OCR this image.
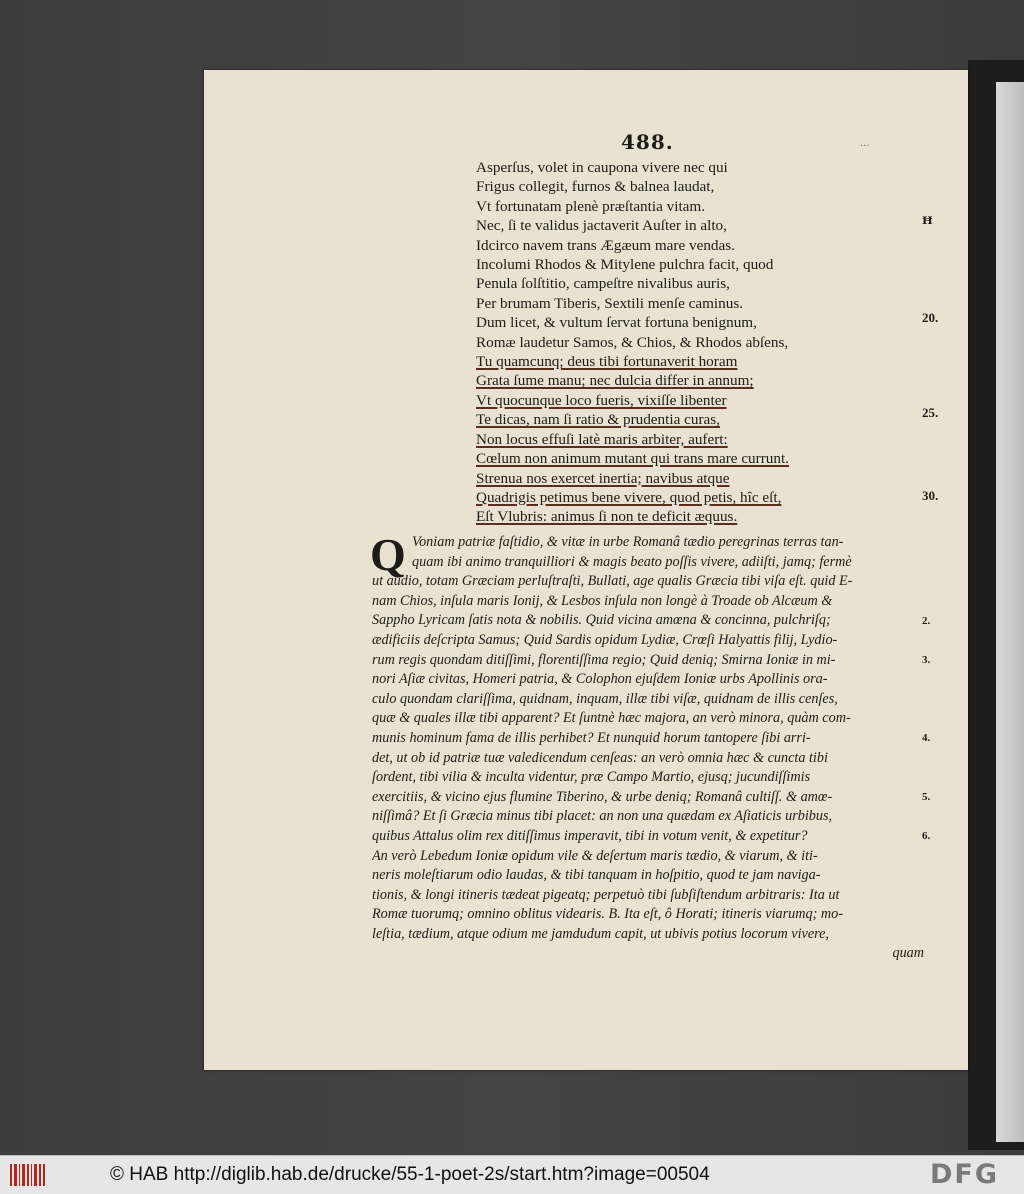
488.	...
Asperſus, volet in caupona vivere nec qui
Frigus collegit, furnos & balnea laudat,
Vt fortunatam plenè præſtantia vitam.
Nec, ſi te validus jactaverit Auſter in alto,
Idcirco navem trans Ægæum mare vendas.
Incolumi Rhodos & Mitylene pulchra facit, quod
Penula ſolſtitio, campeſtre nivalibus auris,
Per brumam Tiberis, Sextili menſe caminus.
Dum licet, & vultum ſervat fortuna benignum,
Romæ laudetur Samos, & Chios, & Rhodos abſens,
Tu quamcunq; deus tibi fortunaverit horam
Grata ſume manu; nec dulcia differ in annum;
Vt quocunque loco fueris, vixiſſe libenter
Te dicas, nam ſi ratio & prudentia curas,
Non locus effuſi latè maris arbiter, aufert:
Cœlum non animum mutant qui trans mare currunt.
Strenua nos exercet inertia; navibus atque
Quadrigis petimus bene vivere, quod petis, hîc eſt,
Eſt Vlubris: animus ſi non te deficit æquus.
20.
25.
30.
ꟸ
Q Voniam patriæ faſtidio, & vitæ in urbe Romanâ tædio peregrinas terras tan-
quam ibi animo tranquilliori & magis beato poſſis vivere, adiiſti, jamq; fermè
ut audio, totam Græciam perluſtraſti, Bullati, age qualis Græcia tibi viſa eſt. quid E-
nam Chios, inſula maris Ionij, & Lesbos inſula non longè à Troade ob Alcæum &
Sappho Lyricam ſatis nota & nobilis. Quid vicina amœna & concinna, pulchriſq;
ædificiis deſcripta Samus; Quid Sardis opidum Lydiæ, Crœſi Halyattis filij, Lydio-
rum regis quondam ditiſſimi, florentiſſima regio; Quid deniq; Smirna Ioniæ in mi-
nori Aſiæ civitas, Homeri patria, & Colophon ejuſdem Ioniæ urbs Apollinis ora-
culo quondam clariſſima, quidnam, inquam, illæ tibi viſæ, quidnam de illis cenſes,
quæ & quales illæ tibi apparent? Et ſuntnè hæc majora, an verò minora, quàm com-
munis hominum fama de illis perhibet? Et nunquid horum tantopere ſibi arri-
det, ut ob id patriæ tuæ valedicendum cenſeas: an verò omnia hæc & cuncta tibi
ſordent, tibi vilia & inculta videntur, præ Campo Martio, ejusq; jucundiſſimis
exercitiis, & vicino ejus flumine Tiberino, & urbe deniq; Romanâ cultiſſ. & amœ-
niſſimâ? Et ſi Græcia minus tibi placet: an non una quædam ex Aſiaticis urbibus,
quibus Attalus olim rex ditiſſimus imperavit, tibi in votum venit, & expetitur?
An verò Lebedum Ioniæ opidum vile & deſertum maris tædio, & viarum, & iti-
neris moleſtiarum odio laudas, & tibi tanquam in hoſpitio, quod te jam naviga-
tionis, & longi itineris tædeat pigeatq; perpetuò tibi ſubſiſtendum arbitraris: Ita ut
Romæ tuorumq; omnino oblitus videaris. B. Ita eſt, ô Horati; itineris viarumq; mo-
leſtia, tædium, atque odium me jamdudum capit, ut ubivis potius locorum vivere,
quam
2.
3.
4.
5.
6.
© HAB http://diglib.hab.de/drucke/55-1-poet-2s/start.htm?image=00504	DFG
